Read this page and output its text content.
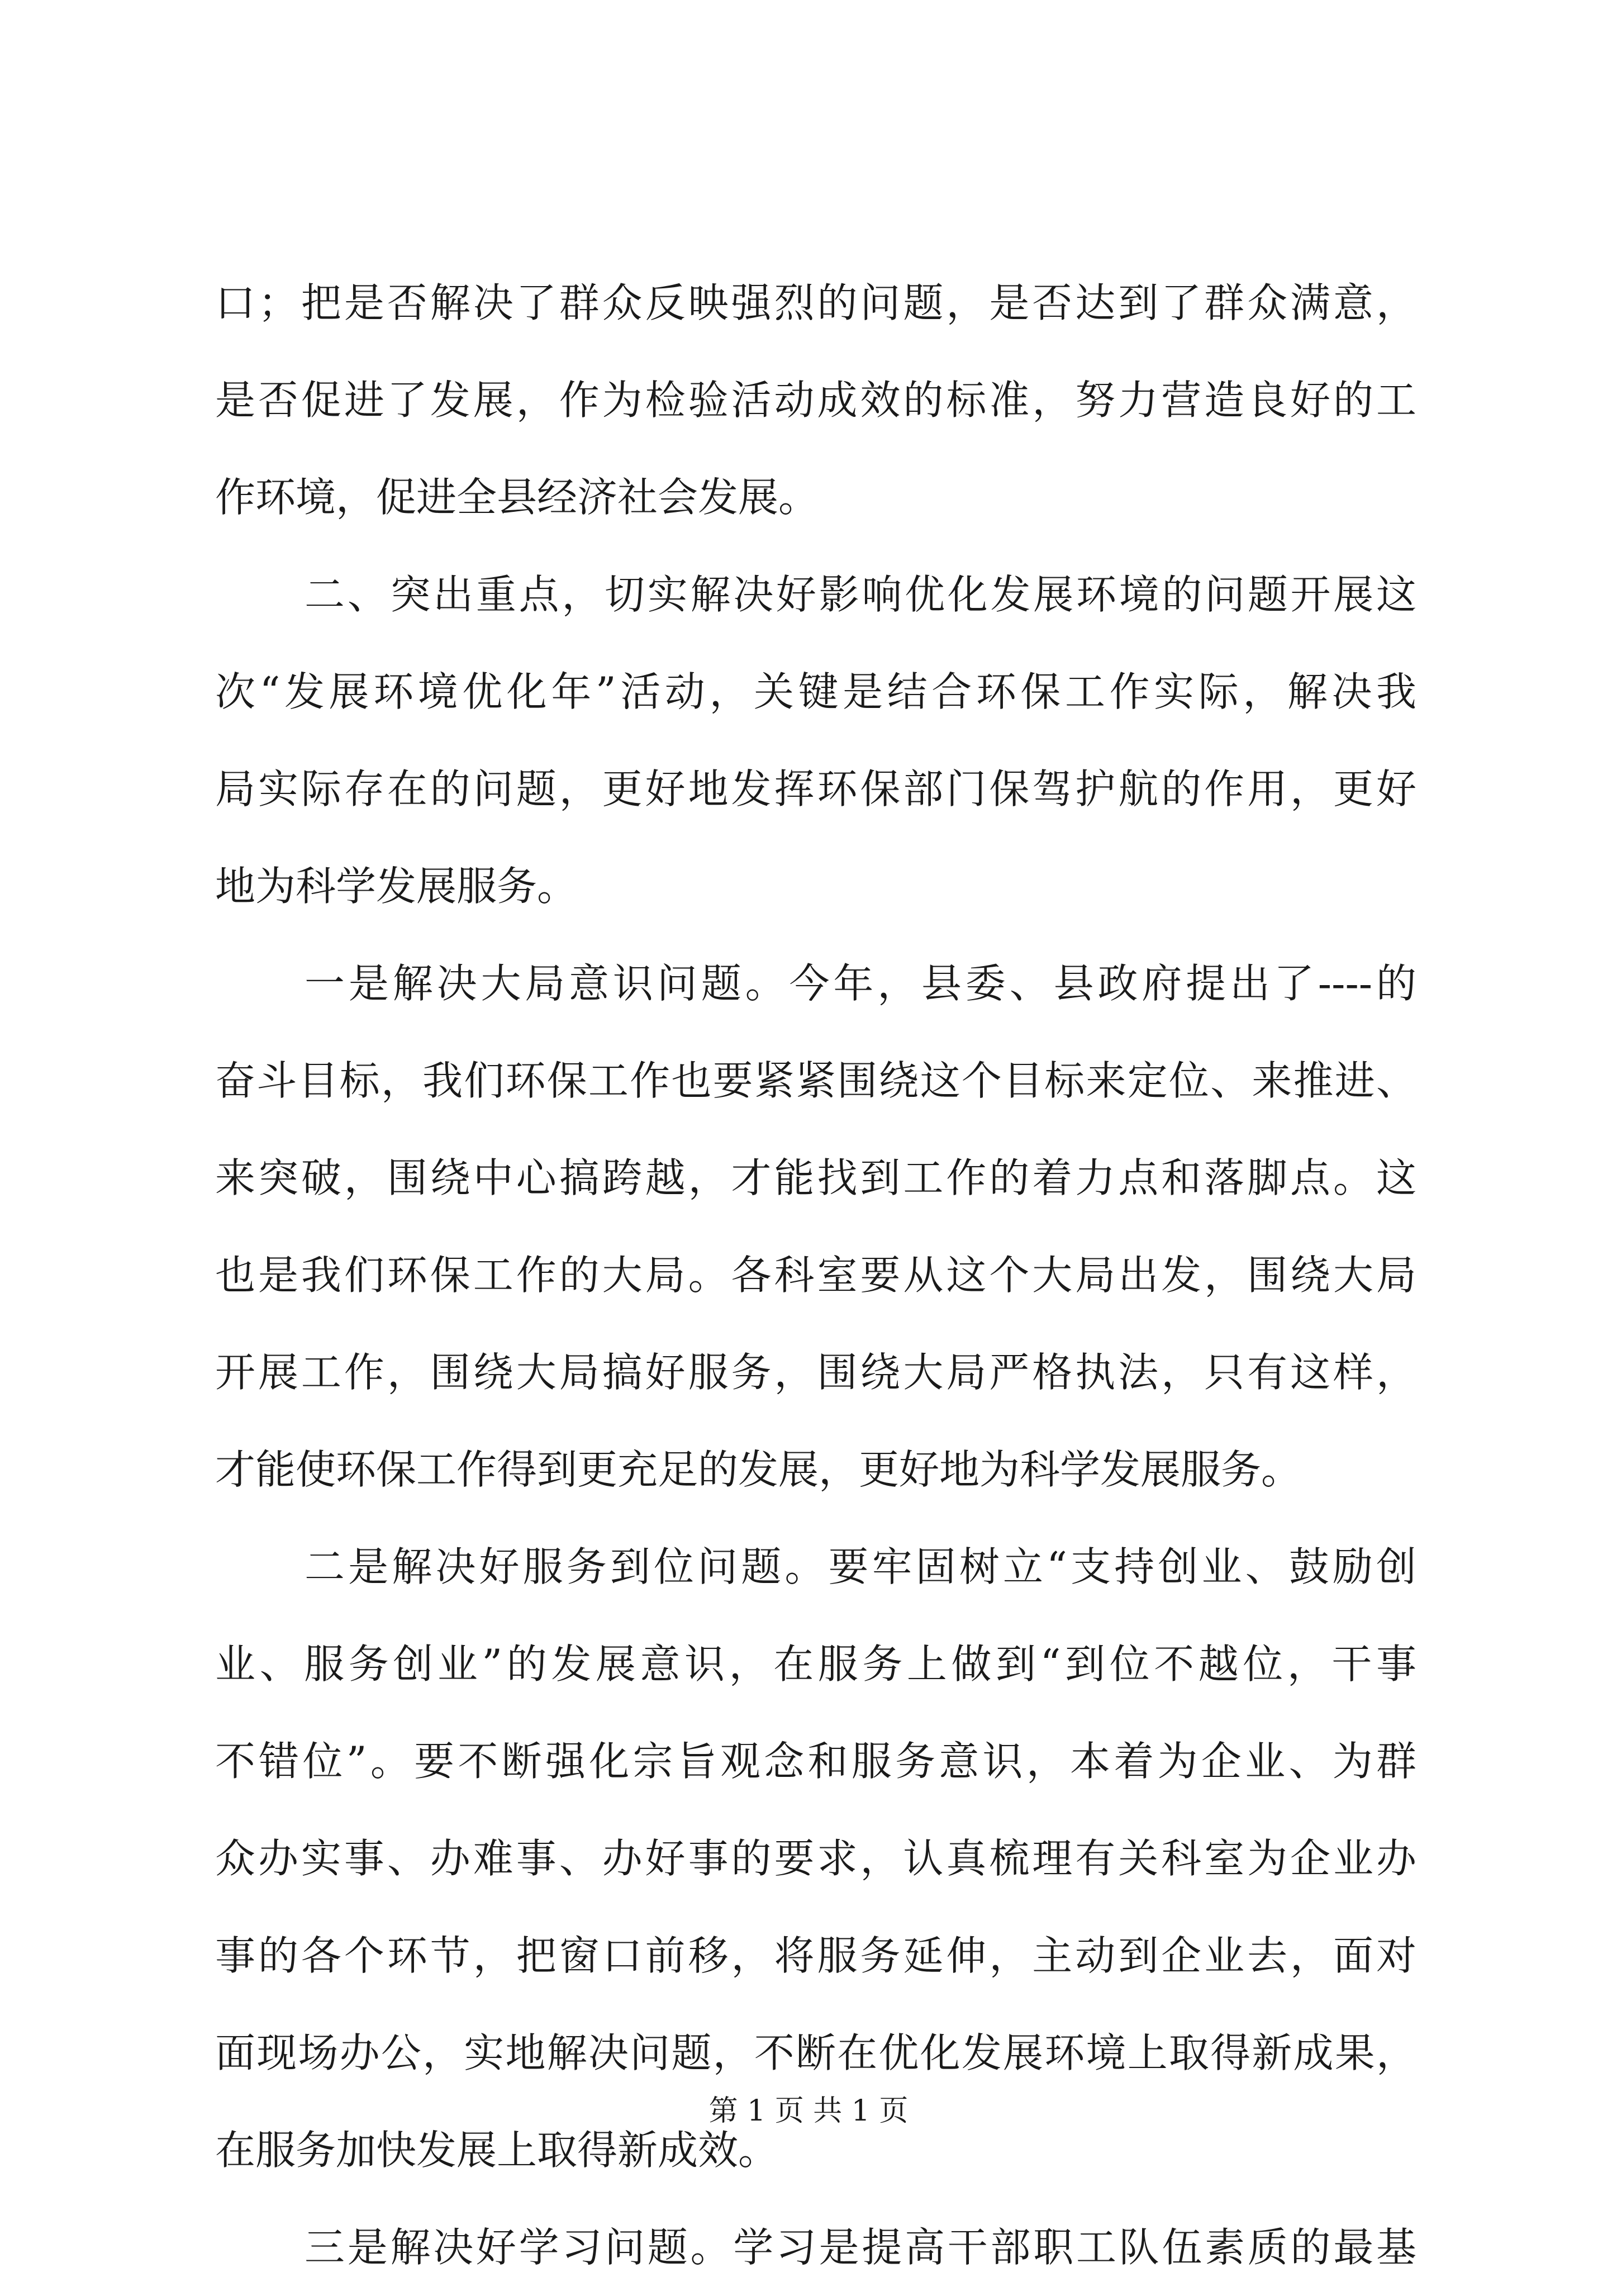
口；把是否解决了群众反映强烈的问题，是否达到了群众满意，
是否促进了发展，作为检验活动成效的标准，努力营造良好的工
作环境，促进全县经济社会发展。
二、突出重点，切实解决好影响优化发展环境的问题开展这
次“发展环境优化年”活动，关键是结合环保工作实际，解决我
局实际存在的问题，更好地发挥环保部门保驾护航的作用，更好
地为科学发展服务。
一是解决大局意识问题。今年，县委、县政府提出了----的
奋斗目标，我们环保工作也要紧紧围绕这个目标来定位、来推进、
来突破，围绕中心搞跨越，才能找到工作的着力点和落脚点。这
也是我们环保工作的大局。各科室要从这个大局出发，围绕大局
开展工作，围绕大局搞好服务，围绕大局严格执法，只有这样，
才能使环保工作得到更充足的发展，更好地为科学发展服务。
二是解决好服务到位问题。要牢固树立“支持创业、鼓励创
业、服务创业”的发展意识，在服务上做到“到位不越位，干事
不错位”。要不断强化宗旨观念和服务意识，本着为企业、为群
众办实事、办难事、办好事的要求，认真梳理有关科室为企业办
事的各个环节，把窗口前移，将服务延伸，主动到企业去，面对
面现场办公，实地解决问题，不断在优化发展环境上取得新成果，
在服务加快发展上取得新成效。
三是解决好学习问题。学习是提高干部职工队伍素质的最基
第 1 页 共 1 页
